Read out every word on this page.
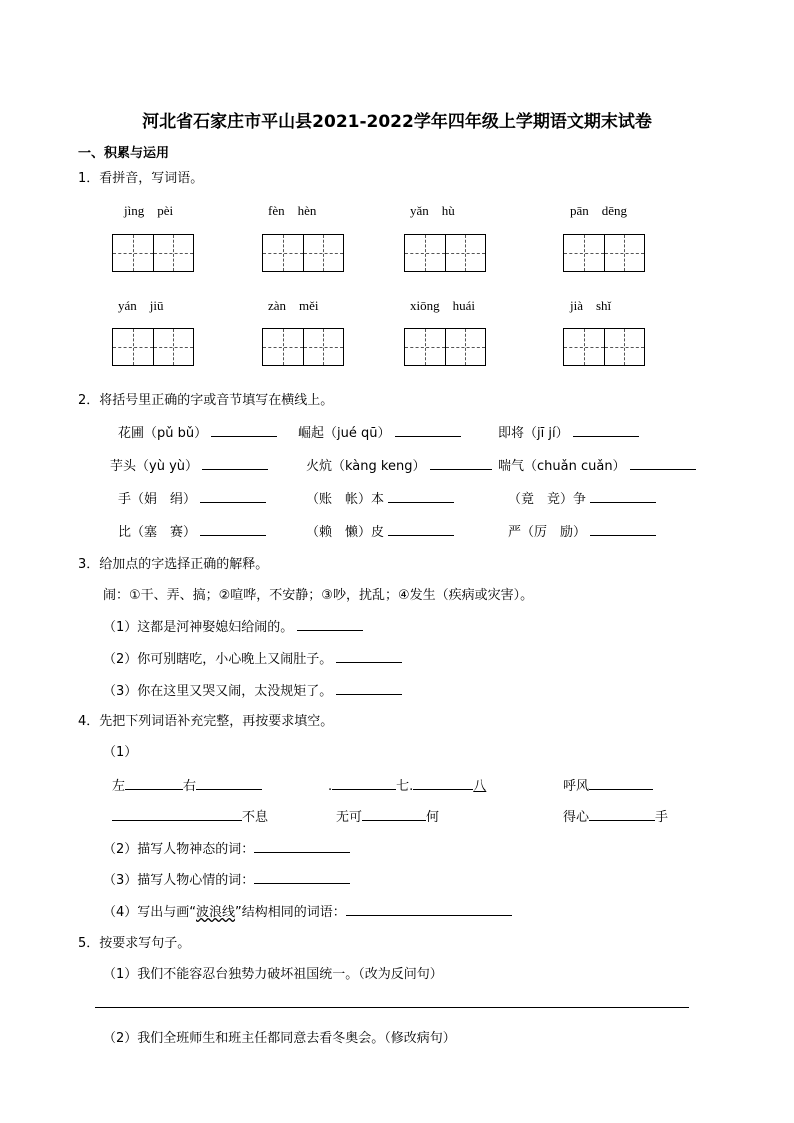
河北省石家庄市平山县2021-2022学年四年级上学期语文期末试卷
一、积累与运用
1．看拼音，写词语。
jìng　pèi	fèn　hèn	yǎn　hù	pān　dēng
yán　jiū	zàn　měi	xiōng　huái	jià　shǐ
2．将括号里正确的字或音节填写在横线上。
花圃（pǔ bǔ）	崛起（jué qū）	即将（jī jí）
芋头（yù yù）	火炕（kàng keng）	喘气（chuǎn cuǎn）
手（娟　绢）	（账　帐）本	（竟　竞）争
比（塞　赛）	（赖　懒）皮	严（厉　励）
3．给加点的字选择正确的解释。
闹：①干、弄、搞；②喧哗，不安静；③吵，扰乱；④发生（疾病或灾害）。
（1）这都是河神娶媳妇给闹的。
（2）你可别瞎吃，小心晚上又闹肚子。
（3）你在这里又哭又闹，太没规矩了。
4．先把下列词语补充完整，再按要求填空。
（1）
左	右	.	七.	八	呼风
不息	无可	何	得心	手
（2）描写人物神态的词：
（3）描写人物心情的词：
（4）写出与画“波浪线”结构相同的词语：
5．按要求写句子。
（1）我们不能容忍台独势力破坏祖国统一。（改为反问句）
（2）我们全班师生和班主任都同意去看冬奥会。（修改病句）
